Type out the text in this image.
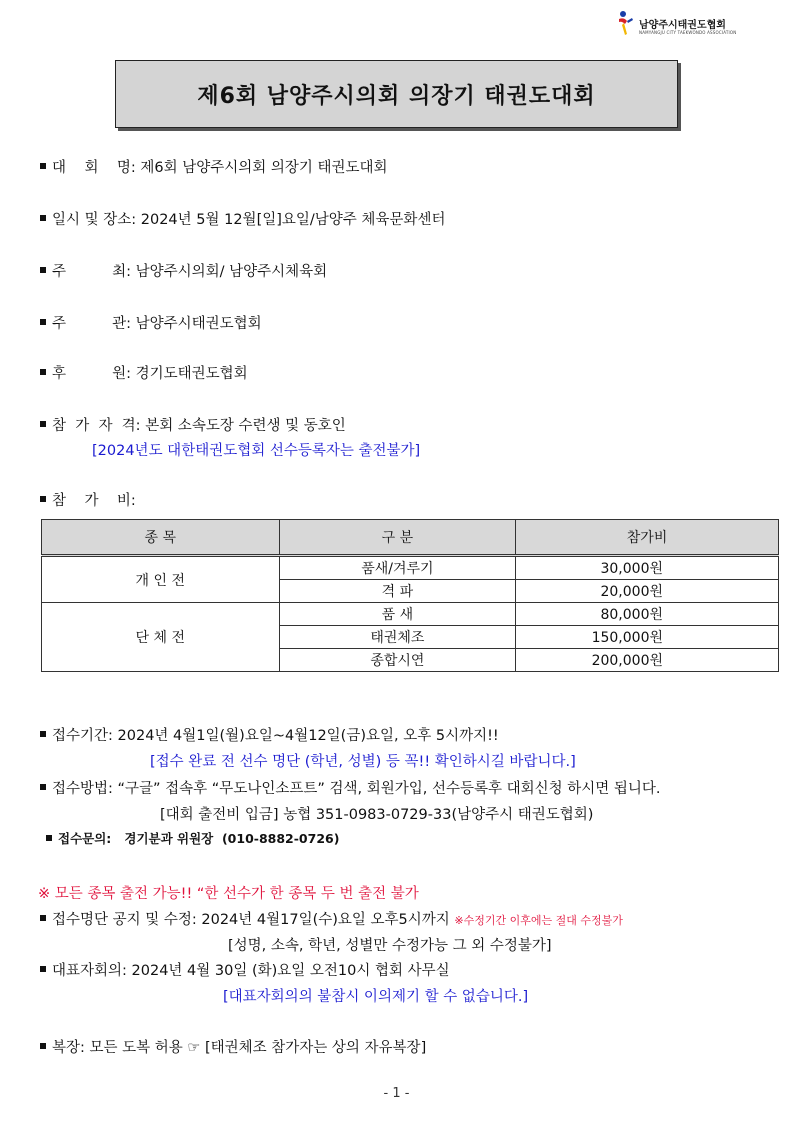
남양주시태권도협회
NAMYANGJU CITY TAEKWONDO ASSOCIATION
제6회 남양주시의회 의장기 태권도대회
대    회    명: 제6회 남양주시의회 의장기 태권도대회
일시 및 장소: 2024년 5월 12월[일]요일/남양주 체육문화센터
주          최: 남양주시의회/ 남양주시체육회
주          관: 남양주시태권도협회
후          원: 경기도태권도협회
참  가  자  격: 본회 소속도장 수련생 및 동호인
[2024년도 대한태권도협회 선수등록자는 출전불가]
참    가    비:
종 목	구 분	참가비
개 인 전	품새/겨루기	30,000원
	격 파	20,000원
단 체 전	품 새	80,000원
	태권체조	150,000원
	종합시연	200,000원
접수기간: 2024년 4월1일(월)요일~4월12일(금)요일, 오후 5시까지!!
[접수 완료 전 선수 명단 (학년, 성별) 등 꼭!! 확인하시길 바랍니다.]
접수방법: “구글” 접속후 “무도나인소프트” 검색, 회원가입, 선수등록후 대회신청 하시면 됩니다.
[대회 출전비 입금] 농협 351-0983-0729-33(남양주시 태권도협회)
접수문의: 경기분과 위원장  (010-8882-0726)
※ 모든 종목 출전 가능!! “한 선수가 한 종목 두 번 출전 불가
접수명단 공지 및 수정: 2024년 4월17일(수)요일 오후5시까지 ※수정기간 이후에는 절대 수정불가
[성명, 소속, 학년, 성별만 수정가능 그 외 수정불가]
대표자회의: 2024년 4월 30일 (화)요일 오전10시 협회 사무실
[대표자회의의 불참시 이의제기 할 수 없습니다.]
복장: 모든 도복 허용 ☞ [태권체조 참가자는 상의 자유복장]
- 1 -
